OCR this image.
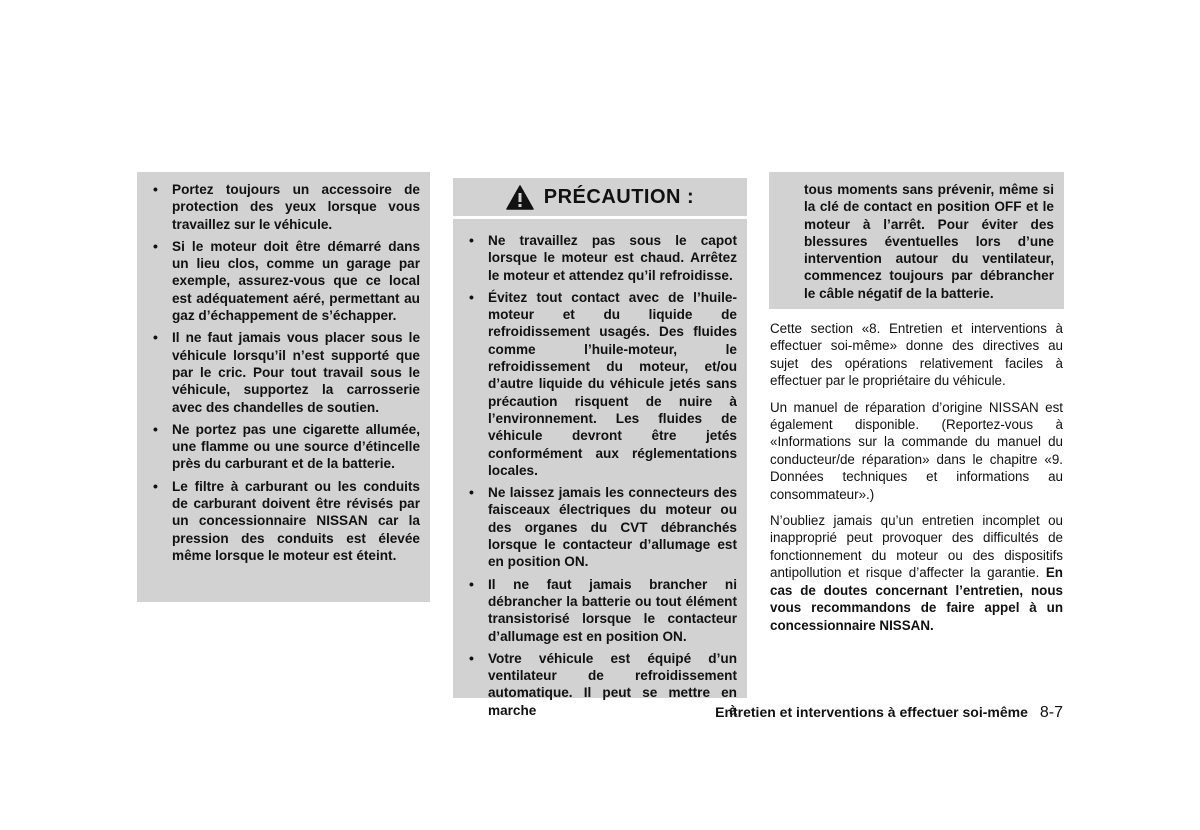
• Portez toujours un accessoire de protection des yeux lorsque vous travaillez sur le véhicule.
• Si le moteur doit être démarré dans un lieu clos, comme un garage par exemple, assurez-vous que ce local est adéquatement aéré, permettant au gaz d’échappement de s’échapper.
• Il ne faut jamais vous placer sous le véhicule lorsqu’il n’est supporté que par le cric. Pour tout travail sous le véhicule, supportez la carrosserie avec des chandelles de soutien.
• Ne portez pas une cigarette allumée, une flamme ou une source d’étincelle près du carburant et de la batterie.
• Le filtre à carburant ou les conduits de carburant doivent être révisés par un concessionnaire NISSAN car la pression des conduits est élevée même lorsque le moteur est éteint.
PRÉCAUTION :
• Ne travaillez pas sous le capot lorsque le moteur est chaud. Arrêtez le moteur et attendez qu’il refroidisse.
• Évitez tout contact avec de l’huile-moteur et du liquide de refroidissement usagés. Des fluides comme l’huile-moteur, le refroidissement du moteur, et/ou d’autre liquide du véhicule jetés sans précaution risquent de nuire à l’environnement. Les fluides de véhicule devront être jetés conformément aux réglementations locales.
• Ne laissez jamais les connecteurs des faisceaux électriques du moteur ou des organes du CVT débranchés lorsque le contacteur d’allumage est en position ON.
• Il ne faut jamais brancher ni débrancher la batterie ou tout élément transistorisé lorsque le contacteur d’allumage est en position ON.
• Votre véhicule est équipé d’un ventilateur de refroidissement automatique. Il peut se mettre en marche à

tous moments sans prévenir, même si la clé de contact en position OFF et le moteur à l’arrêt. Pour éviter des blessures éventuelles lors d’une intervention autour du ventilateur, commencez toujours par débrancher le câble négatif de la batterie.

Cette section «8. Entretien et interventions à effectuer soi-même» donne des directives au sujet des opérations relativement faciles à effectuer par le propriétaire du véhicule.

Un manuel de réparation d’origine NISSAN est également disponible. (Reportez-vous à «Informations sur la commande du manuel du conducteur/de réparation» dans le chapitre «9. Données techniques et informations au consommateur».)

N’oubliez jamais qu’un entretien incomplet ou inapproprié peut provoquer des difficultés de fonctionnement du moteur ou des dispositifs antipollution et risque d’affecter la garantie. En cas de doutes concernant l’entretien, nous vous recommandons de faire appel à un concessionnaire NISSAN.

Entretien et interventions à effectuer soi-même 8-7
